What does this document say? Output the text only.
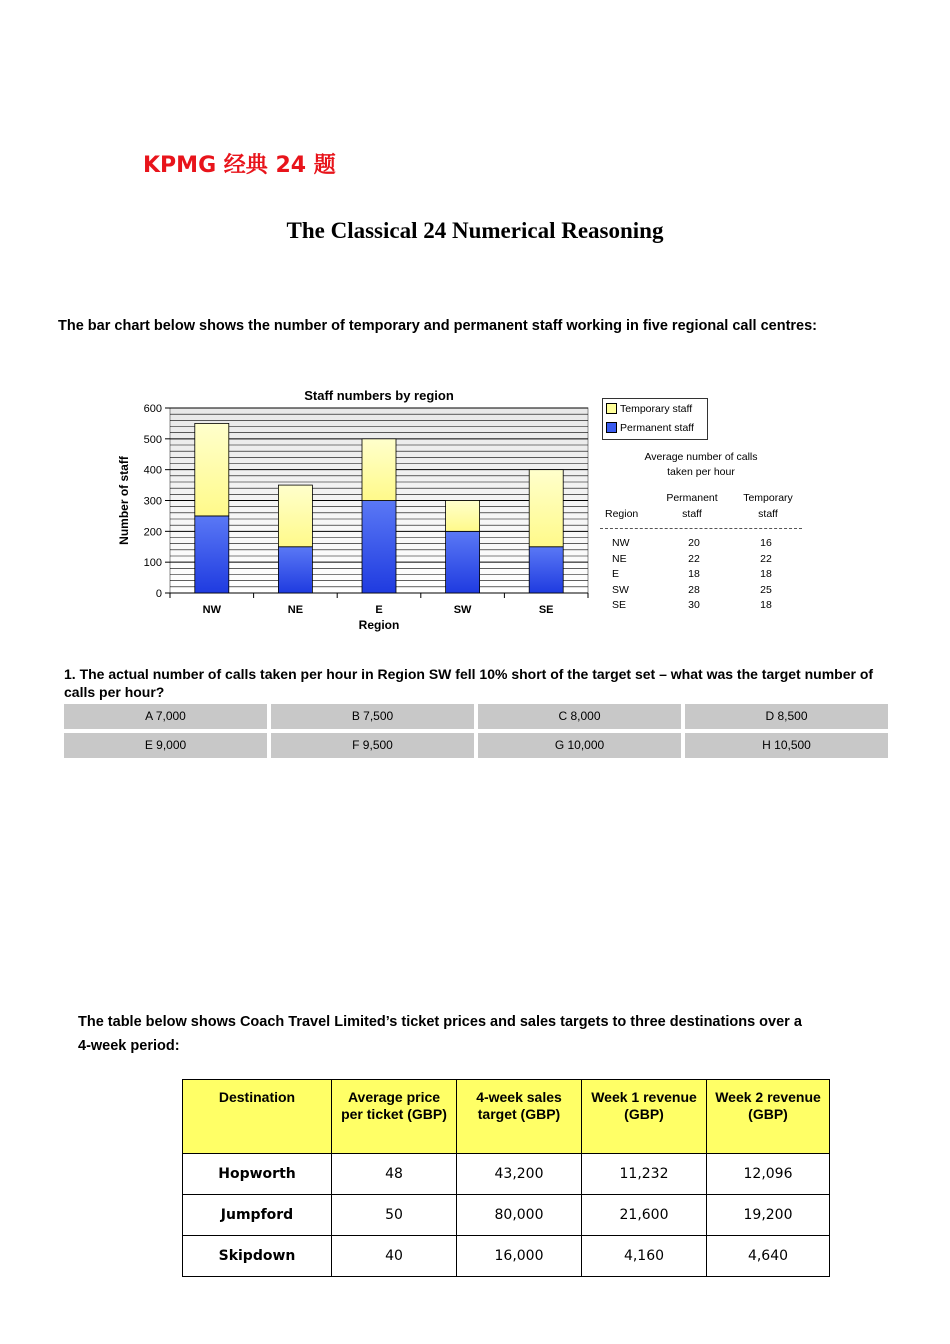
KPMG 经典 24 题
The Classical 24 Numerical Reasoning
The bar chart below shows the number of temporary and permanent staff working in five regional call centres:
Staff numbers by region
0
100
200
300
400
500
600
Number of staff
NW	NE	E	SW	SE
Region
Temporary staff
Permanent staff
Average number of calls
taken per hour
Region
Permanent
staff
Temporary
staff
NW	20	16
NE	22	22
E	18	18
SW	28	25
SE	30	18
1. The actual number of calls taken per hour in Region SW fell 10% short of the target set – what was the target number of calls per hour?
A 7,000	B 7,500	C 8,000	D 8,500
E 9,000	F 9,500	G 10,000	H 10,500
The table below shows Coach Travel Limited’s ticket prices and sales targets to three destinations over a 4-week period:
Destination	Average price per ticket (GBP)	4-week sales target (GBP)	Week 1 revenue (GBP)	Week 2 revenue (GBP)
Hopworth	48	43,200	11,232	12,096
Jumpford	50	80,000	21,600	19,200
Skipdown	40	16,000	4,160	4,640
